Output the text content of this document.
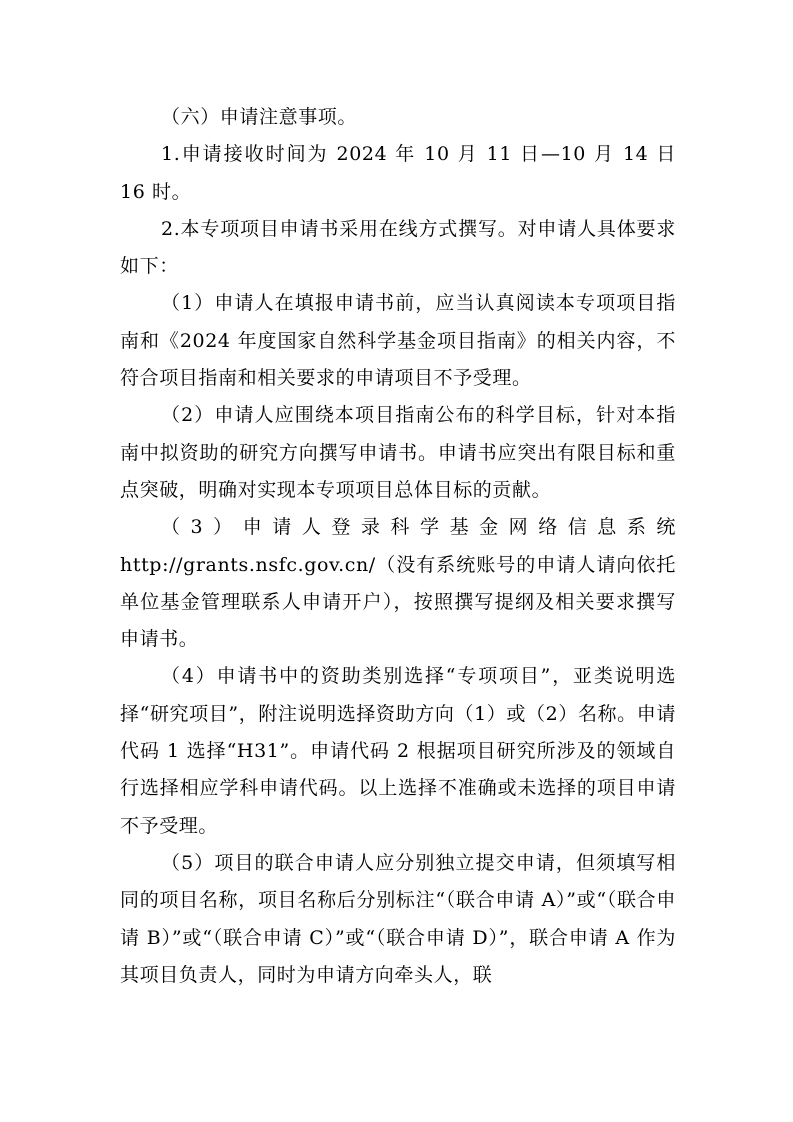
（六）申请注意事项。

1.申请接收时间为 2024 年 10 月 11 日—10 月 14 日 16 时。

2.本专项项目申请书采用在线方式撰写。对申请人具体要求如下：

（1）申请人在填报申请书前，应当认真阅读本专项项目指南和《2024 年度国家自然科学基金项目指南》的相关内容，不符合项目指南和相关要求的申请项目不予受理。

（2）申请人应围绕本项目指南公布的科学目标，针对本指南中拟资助的研究方向撰写申请书。申请书应突出有限目标和重点突破，明确对实现本专项项目总体目标的贡献。

（3）申请人登录科学基金网络信息系统 http://grants.nsfc.gov.cn/（没有系统账号的申请人请向依托单位基金管理联系人申请开户），按照撰写提纲及相关要求撰写申请书。

（4）申请书中的资助类别选择“专项项目”，亚类说明选择“研究项目”，附注说明选择资助方向（1）或（2）名称。申请代码 1 选择“H31”。申请代码 2 根据项目研究所涉及的领域自行选择相应学科申请代码。以上选择不准确或未选择的项目申请不予受理。

（5）项目的联合申请人应分别独立提交申请，但须填写相同的项目名称，项目名称后分别标注“（联合申请 A）”或“（联合申请 B）”或“（联合申请 C）”或“（联合申请 D）”，联合申请 A 作为其项目负责人，同时为申请方向牵头人，联
